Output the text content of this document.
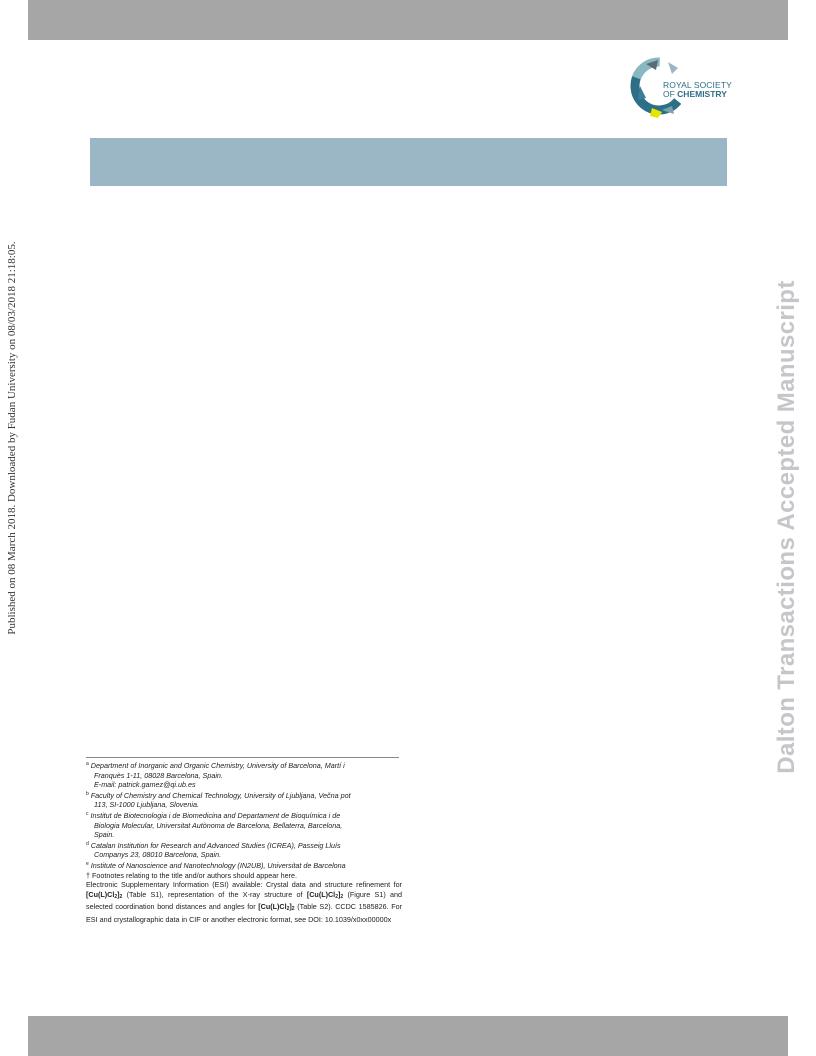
ROYAL SOCIETY
OF CHEMISTRY
Published on 08 March 2018. Downloaded by Fudan University on 08/03/2018 21:18:05.	Dalton Transactions Accepted Manuscript

$^a$ Department of Inorganic and Organic Chemistry, University of Barcelona, Martí i
Franquès 1-11, 08028 Barcelona, Spain.
E-mail: patrick.gamez@qi.ub.es

$^b$ Faculty of Chemistry and Chemical Technology, University of Ljubljana, Večna pot
113, SI-1000 Ljubljana, Slovenia.

$^c$ Institut de Biotecnologia i de Biomedicina and Departament de Bioquímica i de
Biologia Molecular, Universitat Autònoma de Barcelona, Bellaterra, Barcelona,
Spain.

$^d$ Catalan Institution for Research and Advanced Studies (ICREA), Passeig Lluís
Companys 23, 08010 Barcelona, Spain.

$^e$ Institute of Nanoscience and Nanotechnology (IN2UB), Universitat de Barcelona

† Footnotes relating to the title and/or authors should appear here.

Electronic Supplementary Information (ESI) available: Crystal data and structure refinement for $[Cu(L)Cl_2]_2$ (Table S1), representation of the X-ray structure of $[Cu(L)Cl_2]_2$ (Figure S1) and selected coordination bond distances and angles for $[Cu(L)Cl_2]_2$ (Table S2). CCDC 1585826. For ESI and crystallographic data in CIF or another electronic format, see DOI: 10.1039/x0xx00000x
